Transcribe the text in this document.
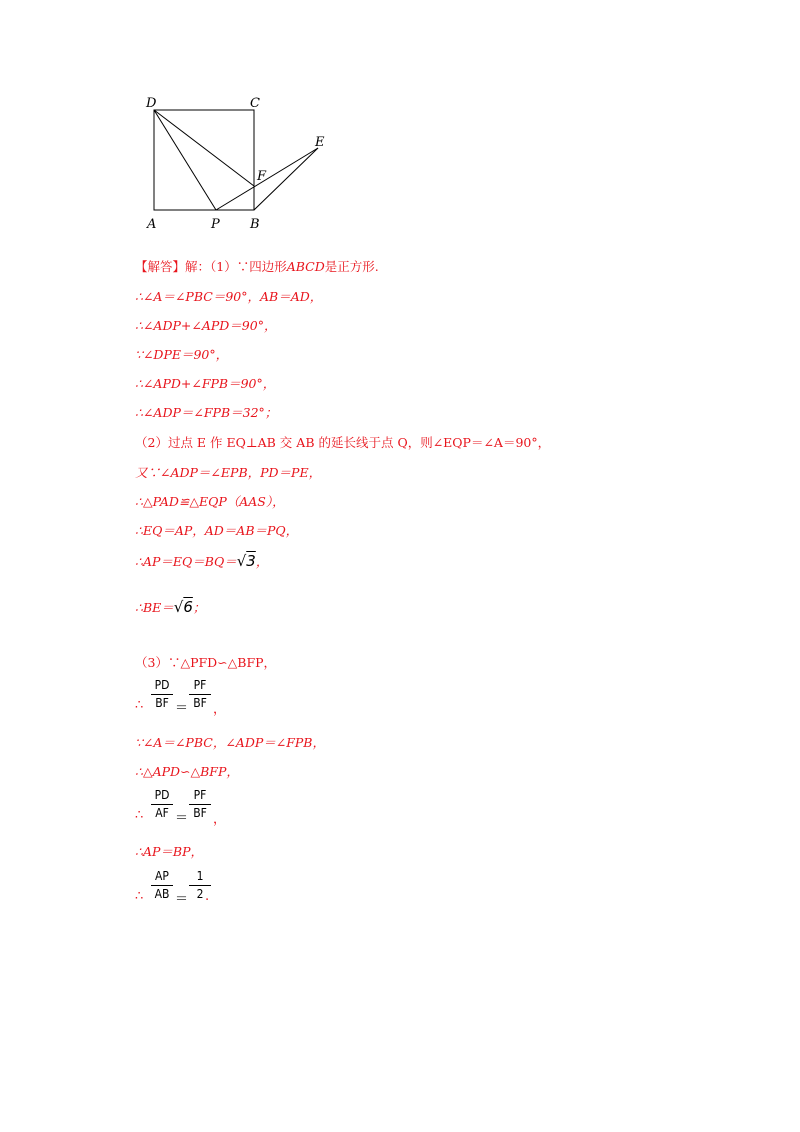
D	C
E
F
A	P B
【解答】解：（1）∵四边形ABCD是正方形.
∴∠A＝∠PBC＝90°，AB＝AD，
∴∠ADP+∠APD＝90°，
∵∠DPE＝90°，
∴∠APD+∠FPB＝90°，
∴∠ADP＝∠FPB＝32°；
（2）过点 E 作 EQ⊥AB 交 AB 的延长线于点 Q，则∠EQP＝∠A＝90°，
又∵∠ADP＝∠EPB，PD＝PE，
∴△PAD≌△EQP（AAS），
∴EQ＝AP，AD＝AB＝PQ，
∴AP＝EQ＝BQ＝√3，
∴BE＝√6；
（3）∵△PFD∽△BFP，
∴ $\frac{PD}{BF} = \frac{PF}{BF}$ ，
∵∠A＝∠PBC，∠ADP＝∠FPB，
∴△APD∽△BFP，
∴ $\frac{PD}{AF} = \frac{PF}{BF}$ ，
∴AP＝BP，
∴ $\frac{AP}{AB} = \frac{1}{2}$
.
